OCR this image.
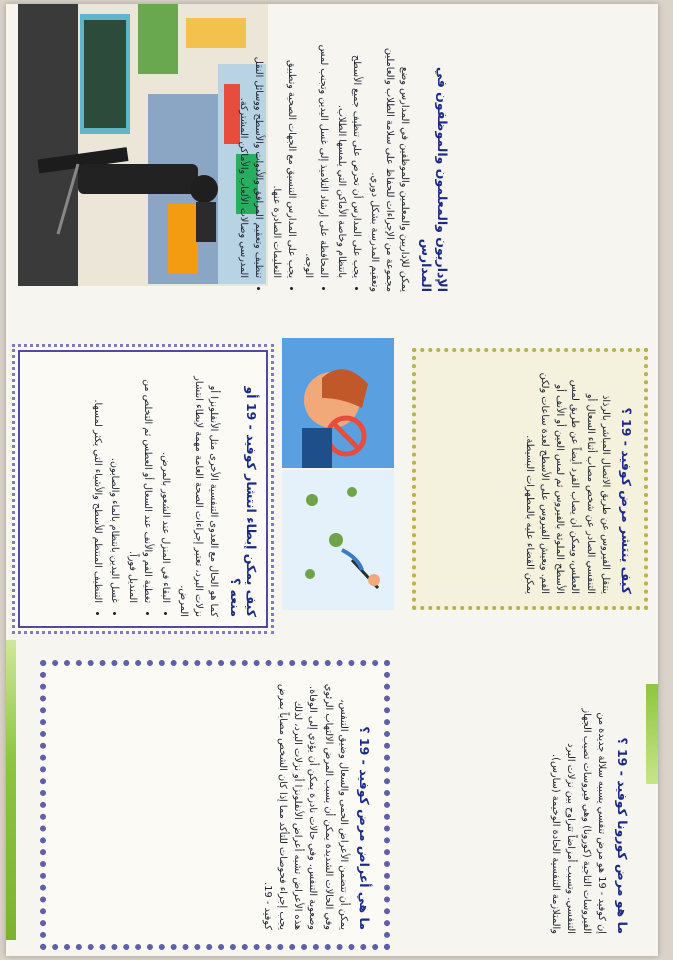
الإداريون والمعلمون والموظفون في المدارس

يمكن للإداريين والمعلمين والموظفين في المدارس وضع مجموعة من الإجراءات للحفاظ على سلامة الطلاب والعاملين وتعقيم المدرسة بشكل دوري.

• يجب على المدارس أن تحرص على تنظيف جميع الأسطح بانتظام وخاصة الأماكن التي يلمسها الطلاب.
• المحافظة على إرشاد التلاميذ إلى غسل اليدين وتجنب لمس الوجه.
• يجب على المدارس التنسيق مع الجهات الصحية وتطبيق التعليمات الصادرة عنها.
• تنظيف وتعقيم المرافق والأدوات والأسطح ووسائل النقل المدرسي وصالات الألعاب والأماكن المشتركة.

كيف يمكن إبطاء انتشار كوفيد - 19 أو منعه ؟

كما هو الحال مع العدوى التنفسية الأخرى مثل الأنفلونزا أو نزلات البرد، تعتبر إجراءات الصحة العامة مهمة لإبطاء انتشار المرض.

• البقاء في المنزل عند الشعور بالمرض.
• تغطية الفم والأنف عند السعال أو العطس ثم التخلص من المنديل فوراً.
• غسل اليدين بانتظام بالماء والصابون.
• التنظيف المنتظم للأسطح والأشياء التي يكثر لمسها.	كيف ينتشر مرض كوفيد - 19 ؟

ينتقل الفيروس عن طريق الاتصال المباشر بالرذاذ التنفسي الصادر عن شخص مصاب أثناء السعال أو العطس، ويمكن أن يصاب الفرد أيضاً عن طريق لمس الأسطح الملوثة بالفيروس ثم لمس العين أو الأنف أو الفم. ويعيش الفيروس على الأسطح لعدة ساعات ولكن يمكن القضاء عليه بالمطهرات البسيطة.

ما هي أعراض مرض كوفيد - 19 ؟

يمكن أن تتضمن الأعراض الحمى والسعال وضيق التنفس، وفي الحالات الشديدة يمكن أن يسبب المرض الالتهاب الرئوي وصعوبة التنفس. وفي حالات نادرة يمكن أن يؤدي إلى الوفاة. هذه الأعراض تشبه أعراض الأنفلونزا أو نزلات البرد، لذلك يجب إجراء فحوصات للتأكد مما إذا كان الشخص مصاباً بمرض كوفيد - 19.

ما هو مرض كورونا كوفيد - 19 ؟

إن كوفيد - 19 هو مرض تنفسي يسببه سلالة جديدة من الفيروسات التاجية (كورونا) وهي فيروسات تصيب الجهاز التنفسي. وتسبب أمراضاً تتراوح بين نزلات البرد والمتلازمة التنفسية الحادة الوخيمة (سارس).
